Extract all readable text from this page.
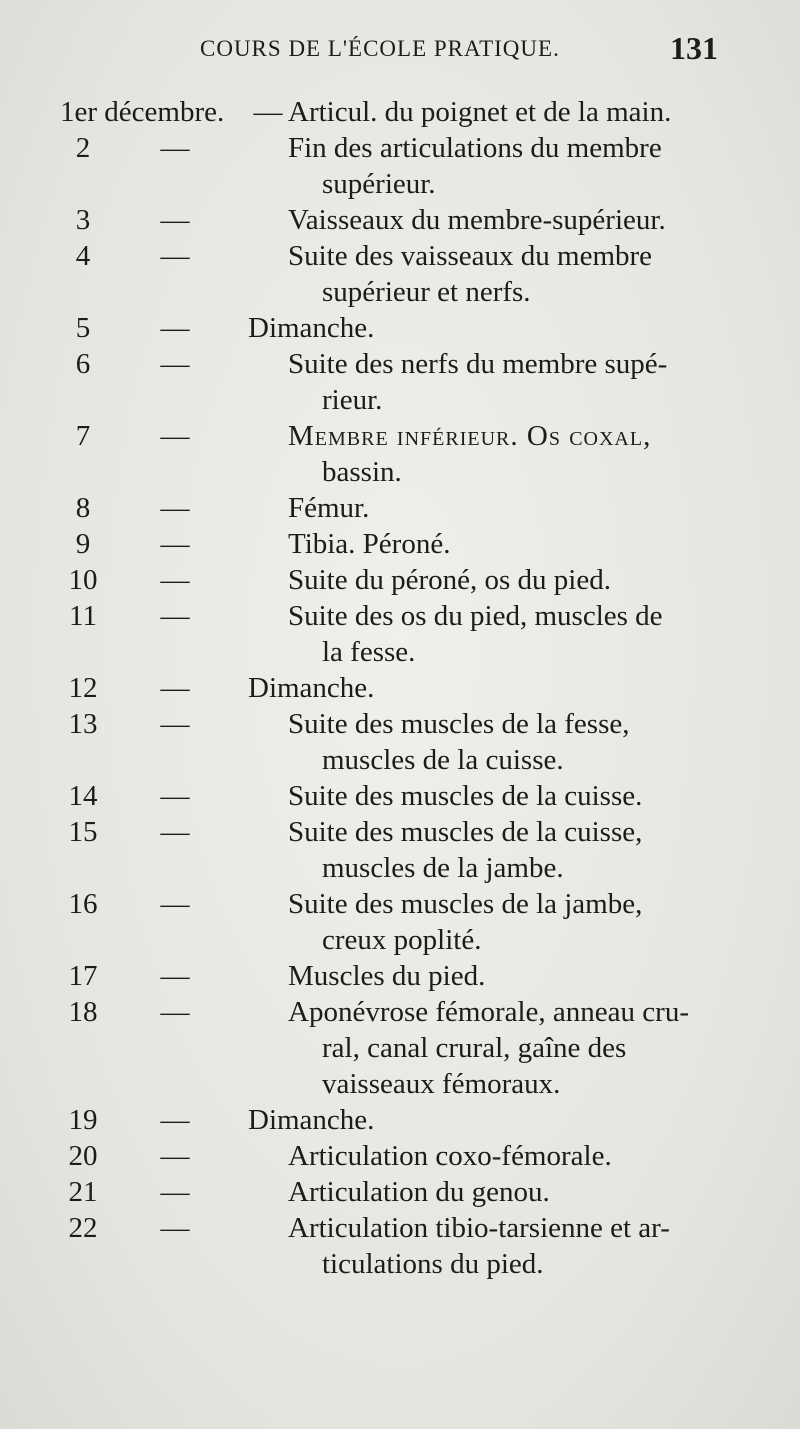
COURS DE L'ÉCOLE PRATIQUE.	131
1er décembre. — Articul. du poignet et de la main.
2	—	Fin des articulations du membre
supérieur.
3	—	Vaisseaux du membre-supérieur.
4	—	Suite des vaisseaux du membre
supérieur et nerfs.
5	—	Dimanche.
6	—	Suite des nerfs du membre supé-
rieur.
7	—	Membre inférieur. Os coxal,
bassin.
8	—	Fémur.
9	—	Tibia. Péroné.
10	—	Suite du péroné, os du pied.
11	—	Suite des os du pied, muscles de
la fesse.
12	—	Dimanche.
13	—	Suite des muscles de la fesse,
muscles de la cuisse.
14	—	Suite des muscles de la cuisse.
15	—	Suite des muscles de la cuisse,
muscles de la jambe.
16	—	Suite des muscles de la jambe,
creux poplité.
17	—	Muscles du pied.
18	—	Aponévrose fémorale, anneau cru-
ral, canal crural, gaîne des
vaisseaux fémoraux.
19	—	Dimanche.
20	—	Articulation coxo-fémorale.
21	—	Articulation du genou.
22	—	Articulation tibio-tarsienne et ar-
ticulations du pied.
